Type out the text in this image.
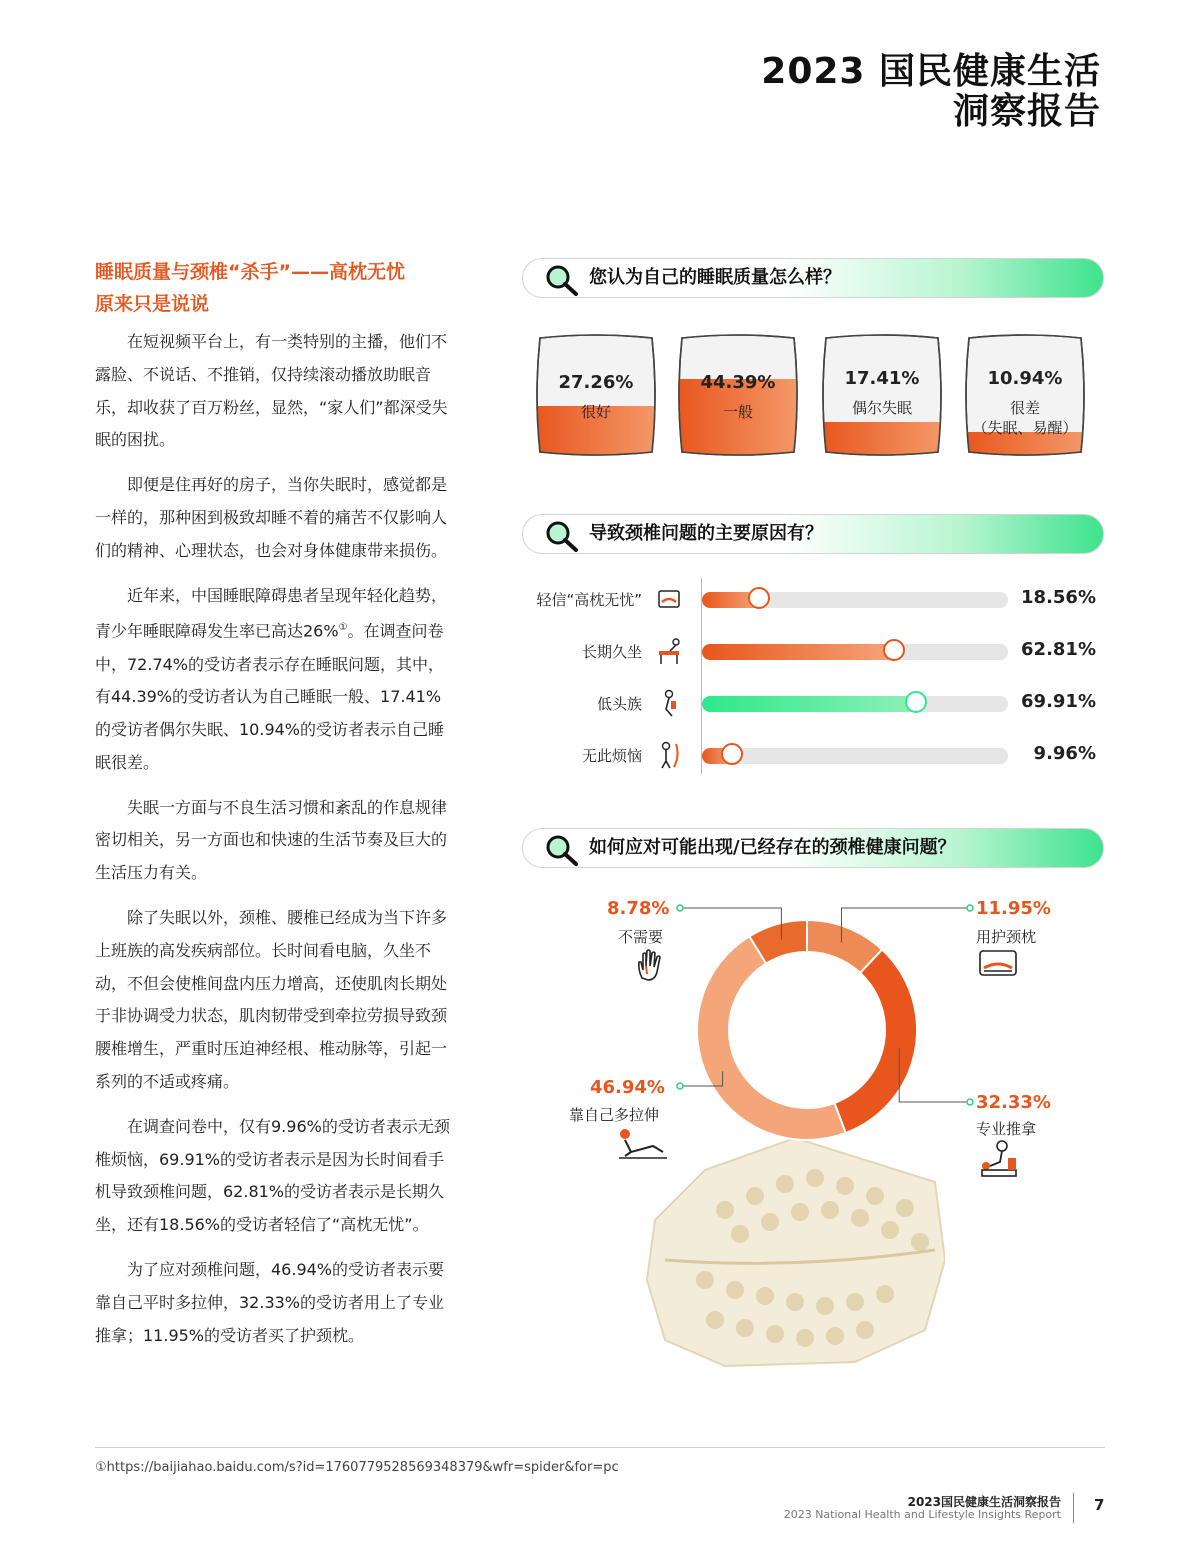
2023 国民健康生活
洞察报告
睡眠质量与颈椎“杀手”——高枕无忧
原来只是说说

在短视频平台上，有一类特别的主播，他们不露脸、不说话、不推销，仅持续滚动播放助眠音乐，却收获了百万粉丝，显然，“家人们”都深受失眠的困扰。

即便是住再好的房子，当你失眠时，感觉都是一样的，那种困到极致却睡不着的痛苦不仅影响人们的精神、心理状态，也会对身体健康带来损伤。

近年来，中国睡眠障碍患者呈现年轻化趋势，青少年睡眠障碍发生率已高达26%①。在调查问卷中，72.74%的受访者表示存在睡眠问题，其中，有44.39%的受访者认为自己睡眠一般、17.41%的受访者偶尔失眠、10.94%的受访者表示自己睡眠很差。

失眠一方面与不良生活习惯和紊乱的作息规律密切相关，另一方面也和快速的生活节奏及巨大的生活压力有关。

除了失眠以外，颈椎、腰椎已经成为当下许多上班族的高发疾病部位。长时间看电脑，久坐不动，不但会使椎间盘内压力增高，还使肌肉长期处于非协调受力状态，肌肉韧带受到牵拉劳损导致颈腰椎增生，严重时压迫神经根、椎动脉等，引起一系列的不适或疼痛。

在调查问卷中，仅有9.96%的受访者表示无颈椎烦恼，69.91%的受访者表示是因为长时间看手机导致颈椎问题，62.81%的受访者表示是长期久坐，还有18.56%的受访者轻信了“高枕无忧”。

为了应对颈椎问题，46.94%的受访者表示要靠自己平时多拉伸，32.33%的受访者用上了专业推拿；11.95%的受访者买了护颈枕。

您认为自己的睡眠质量怎么样？
27.26%
很好
44.39%
一般
17.41%
偶尔失眠
10.94%
很差
（失眠、易醒）
导致颈椎问题的主要原因有？
轻信“高枕无忧”	18.56%
长期久坐	62.81%
低头族	69.91%
无此烦恼	9.96%
如何应对可能出现/已经存在的颈椎健康问题？
8.78%
不需要
11.95%
用护颈枕
46.94%
靠自己多拉伸
32.33%
专业推拿
①https://baijiahao.baidu.com/s?id=1760779528569348379&wfr=spider&for=pc
2023国民健康生活洞察报告
2023 National Health and Lifestyle Insights Report
7
